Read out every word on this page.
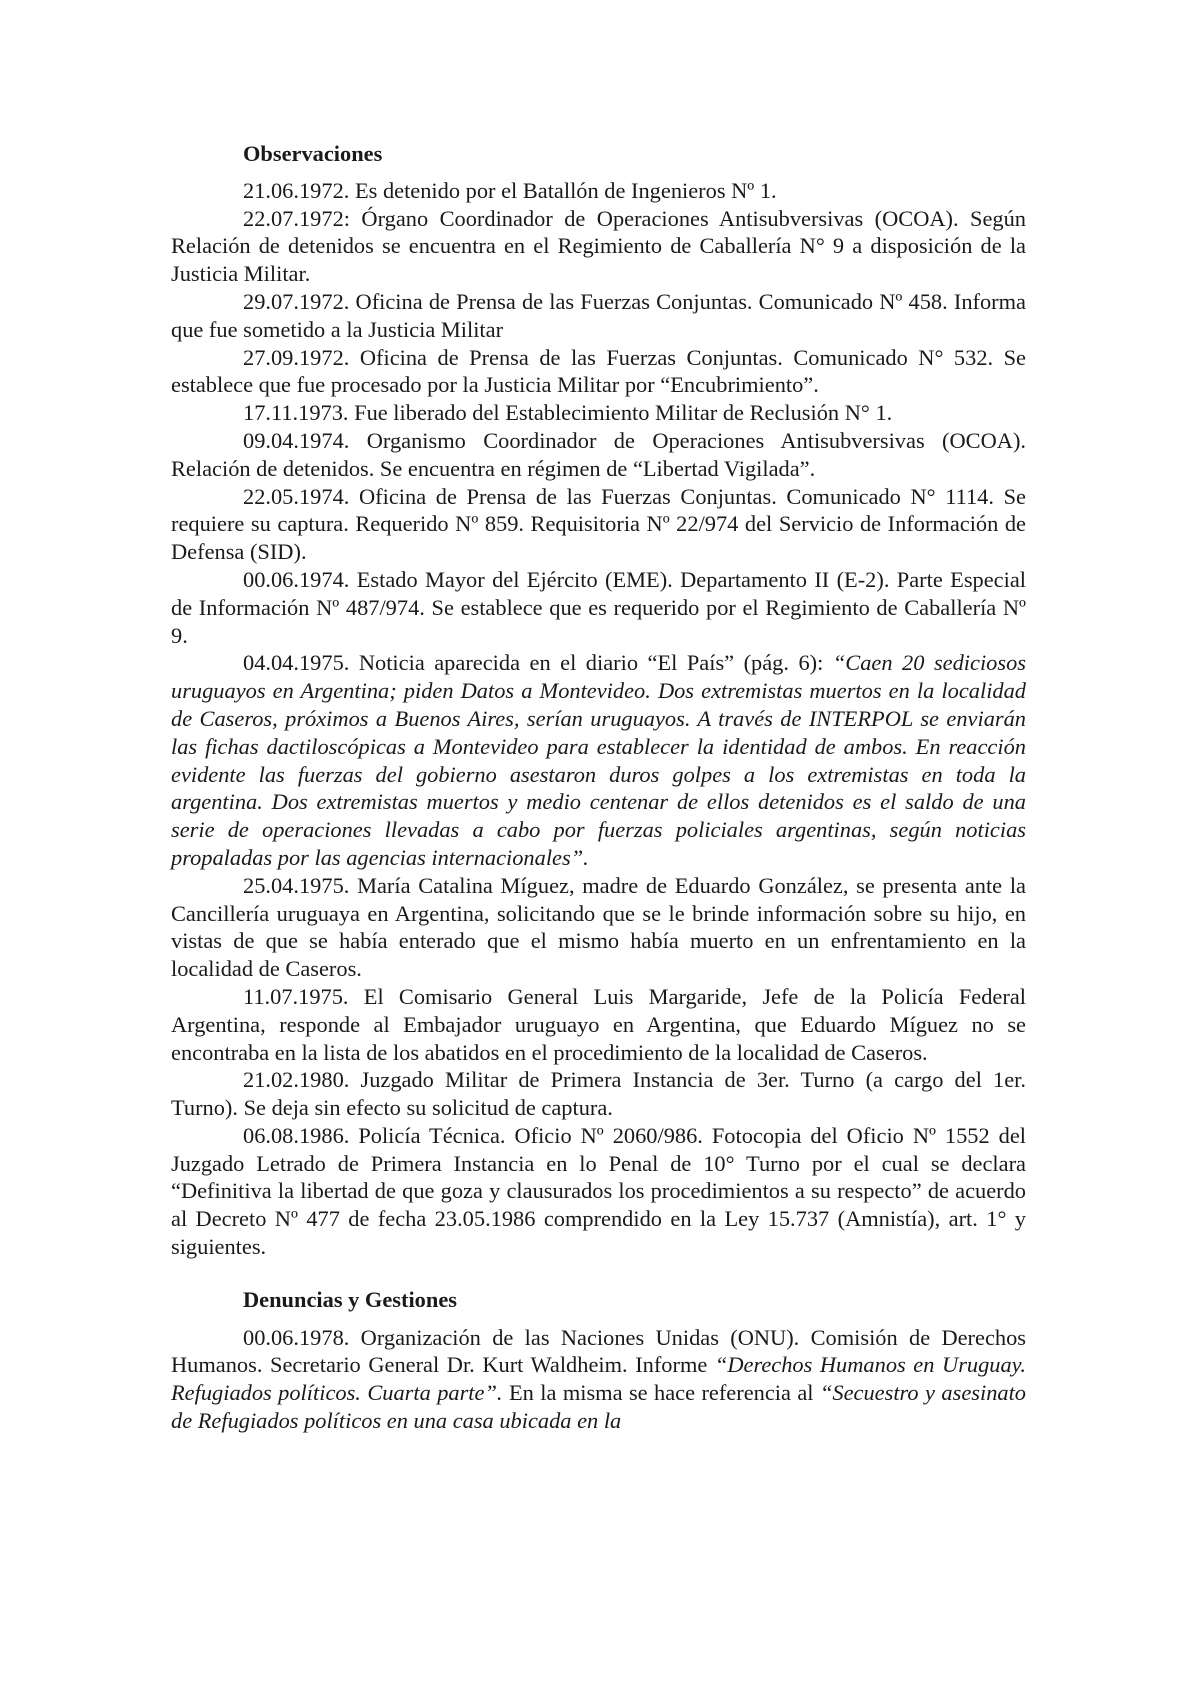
Observaciones

21.06.1972. Es detenido por el Batallón de Ingenieros Nº 1.

22.07.1972: Órgano Coordinador de Operaciones Antisubversivas (OCOA). Según Relación de detenidos se encuentra en el Regimiento de Caballería N° 9 a disposición de la Justicia Militar.

29.07.1972. Oficina de Prensa de las Fuerzas Conjuntas. Comunicado Nº 458. Informa que fue sometido a la Justicia Militar

27.09.1972. Oficina de Prensa de las Fuerzas Conjuntas. Comunicado N° 532. Se establece que fue procesado por la Justicia Militar por “Encubrimiento”.

17.11.1973. Fue liberado del Establecimiento Militar de Reclusión N° 1.

09.04.1974. Organismo Coordinador de Operaciones Antisubversivas (OCOA). Relación de detenidos. Se encuentra en régimen de “Libertad Vigilada”.

22.05.1974. Oficina de Prensa de las Fuerzas Conjuntas. Comunicado N° 1114. Se requiere su captura. Requerido Nº 859. Requisitoria Nº 22/974 del Servicio de Información de Defensa (SID).

00.06.1974. Estado Mayor del Ejército (EME). Departamento II (E-2). Parte Especial de Información Nº 487/974. Se establece que es requerido por el Regimiento de Caballería Nº 9.

04.04.1975. Noticia aparecida en el diario “El País” (pág. 6): “Caen 20 sediciosos uruguayos en Argentina; piden Datos a Montevideo. Dos extremistas muertos en la localidad de Caseros, próximos a Buenos Aires, serían uruguayos. A través de INTERPOL se enviarán las fichas dactiloscópicas a Montevideo para establecer la identidad de ambos. En reacción evidente las fuerzas del gobierno asestaron duros golpes a los extremistas en toda la argentina. Dos extremistas muertos y medio centenar de ellos detenidos es el saldo de una serie de operaciones llevadas a cabo por fuerzas policiales argentinas, según noticias propaladas por las agencias internacionales”.

25.04.1975. María Catalina Míguez, madre de Eduardo González, se presenta ante la Cancillería uruguaya en Argentina, solicitando que se le brinde información sobre su hijo, en vistas de que se había enterado que el mismo había muerto en un enfrentamiento en la localidad de Caseros.

11.07.1975. El Comisario General Luis Margaride, Jefe de la Policía Federal Argentina, responde al Embajador uruguayo en Argentina, que Eduardo Míguez no se encontraba en la lista de los abatidos en el procedimiento de la localidad de Caseros.

21.02.1980. Juzgado Militar de Primera Instancia de 3er. Turno (a cargo del 1er. Turno). Se deja sin efecto su solicitud de captura.

06.08.1986. Policía Técnica. Oficio Nº 2060/986. Fotocopia del Oficio Nº 1552 del Juzgado Letrado de Primera Instancia en lo Penal de 10° Turno por el cual se declara “Definitiva la libertad de que goza y clausurados los procedimientos a su respecto” de acuerdo al Decreto Nº 477 de fecha 23.05.1986 comprendido en la Ley 15.737 (Amnistía), art. 1° y siguientes.

Denuncias y Gestiones

00.06.1978. Organización de las Naciones Unidas (ONU). Comisión de Derechos Humanos. Secretario General Dr. Kurt Waldheim. Informe “Derechos Humanos en Uruguay. Refugiados políticos. Cuarta parte”. En la misma se hace referencia al “Secuestro y asesinato de Refugiados políticos en una casa ubicada en la
